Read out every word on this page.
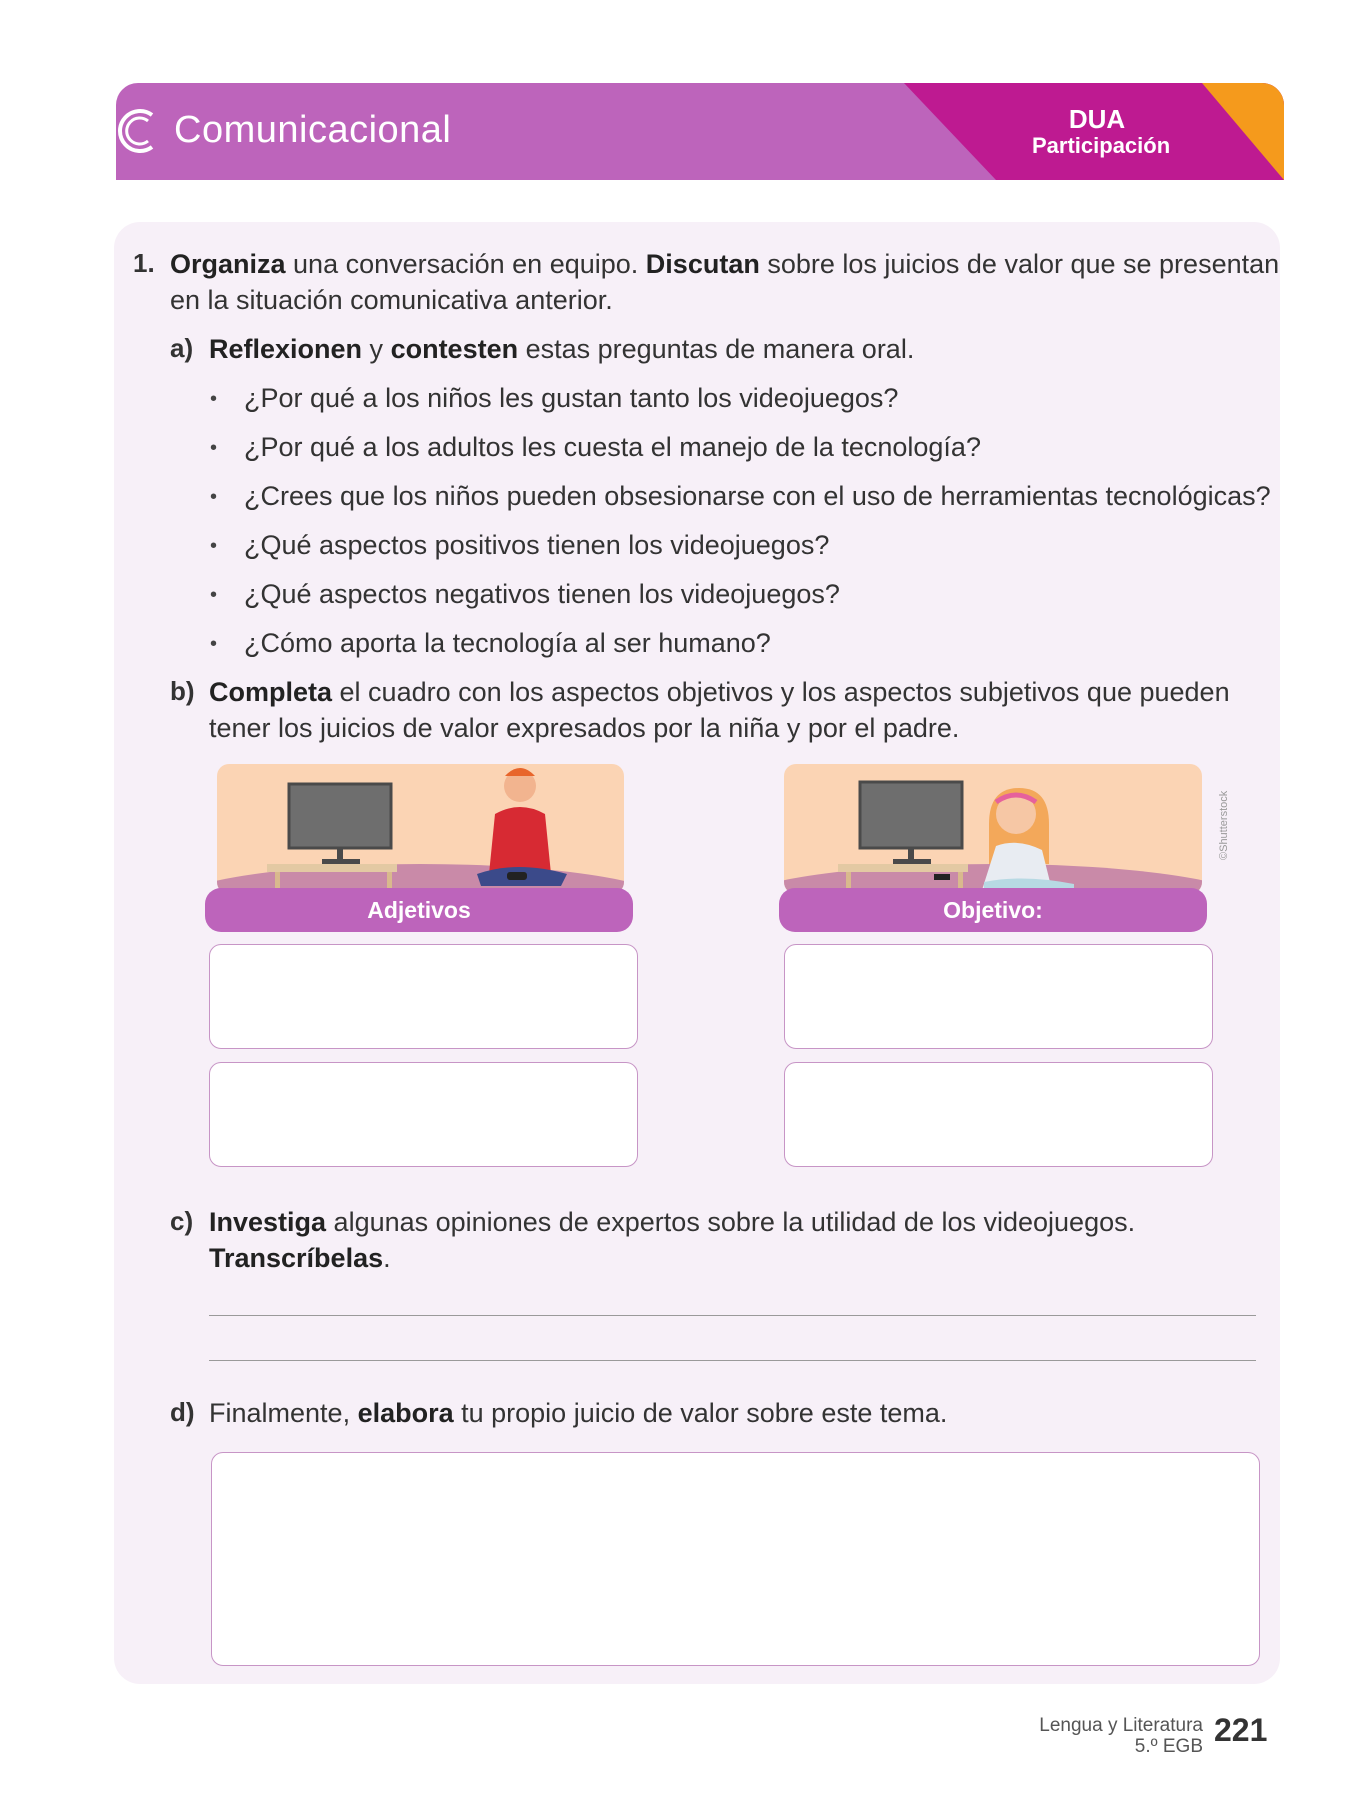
Comunicacional	DUA
Participación
1. Organiza una conversación en equipo. Discutan sobre los juicios de valor que se presentan
en la situación comunicativa anterior.
a) Reflexionen y contesten estas preguntas de manera oral.
• ¿Por qué a los niños les gustan tanto los videojuegos?
• ¿Por qué a los adultos les cuesta el manejo de la tecnología?
• ¿Crees que los niños pueden obsesionarse con el uso de herramientas tecnológicas?
• ¿Qué aspectos positivos tienen los videojuegos?
• ¿Qué aspectos negativos tienen los videojuegos?
• ¿Cómo aporta la tecnología al ser humano?
b) Completa el cuadro con los aspectos objetivos y los aspectos subjetivos que pueden
tener los juicios de valor expresados por la niña y por el padre.
Adjetivos
©Shutterstock
Objetivo:
c) Investiga algunas opiniones de expertos sobre la utilidad de los videojuegos.
Transcríbelas.
d) Finalmente, elabora tu propio juicio de valor sobre este tema.
Lengua y Literatura
5.º EGB 221
